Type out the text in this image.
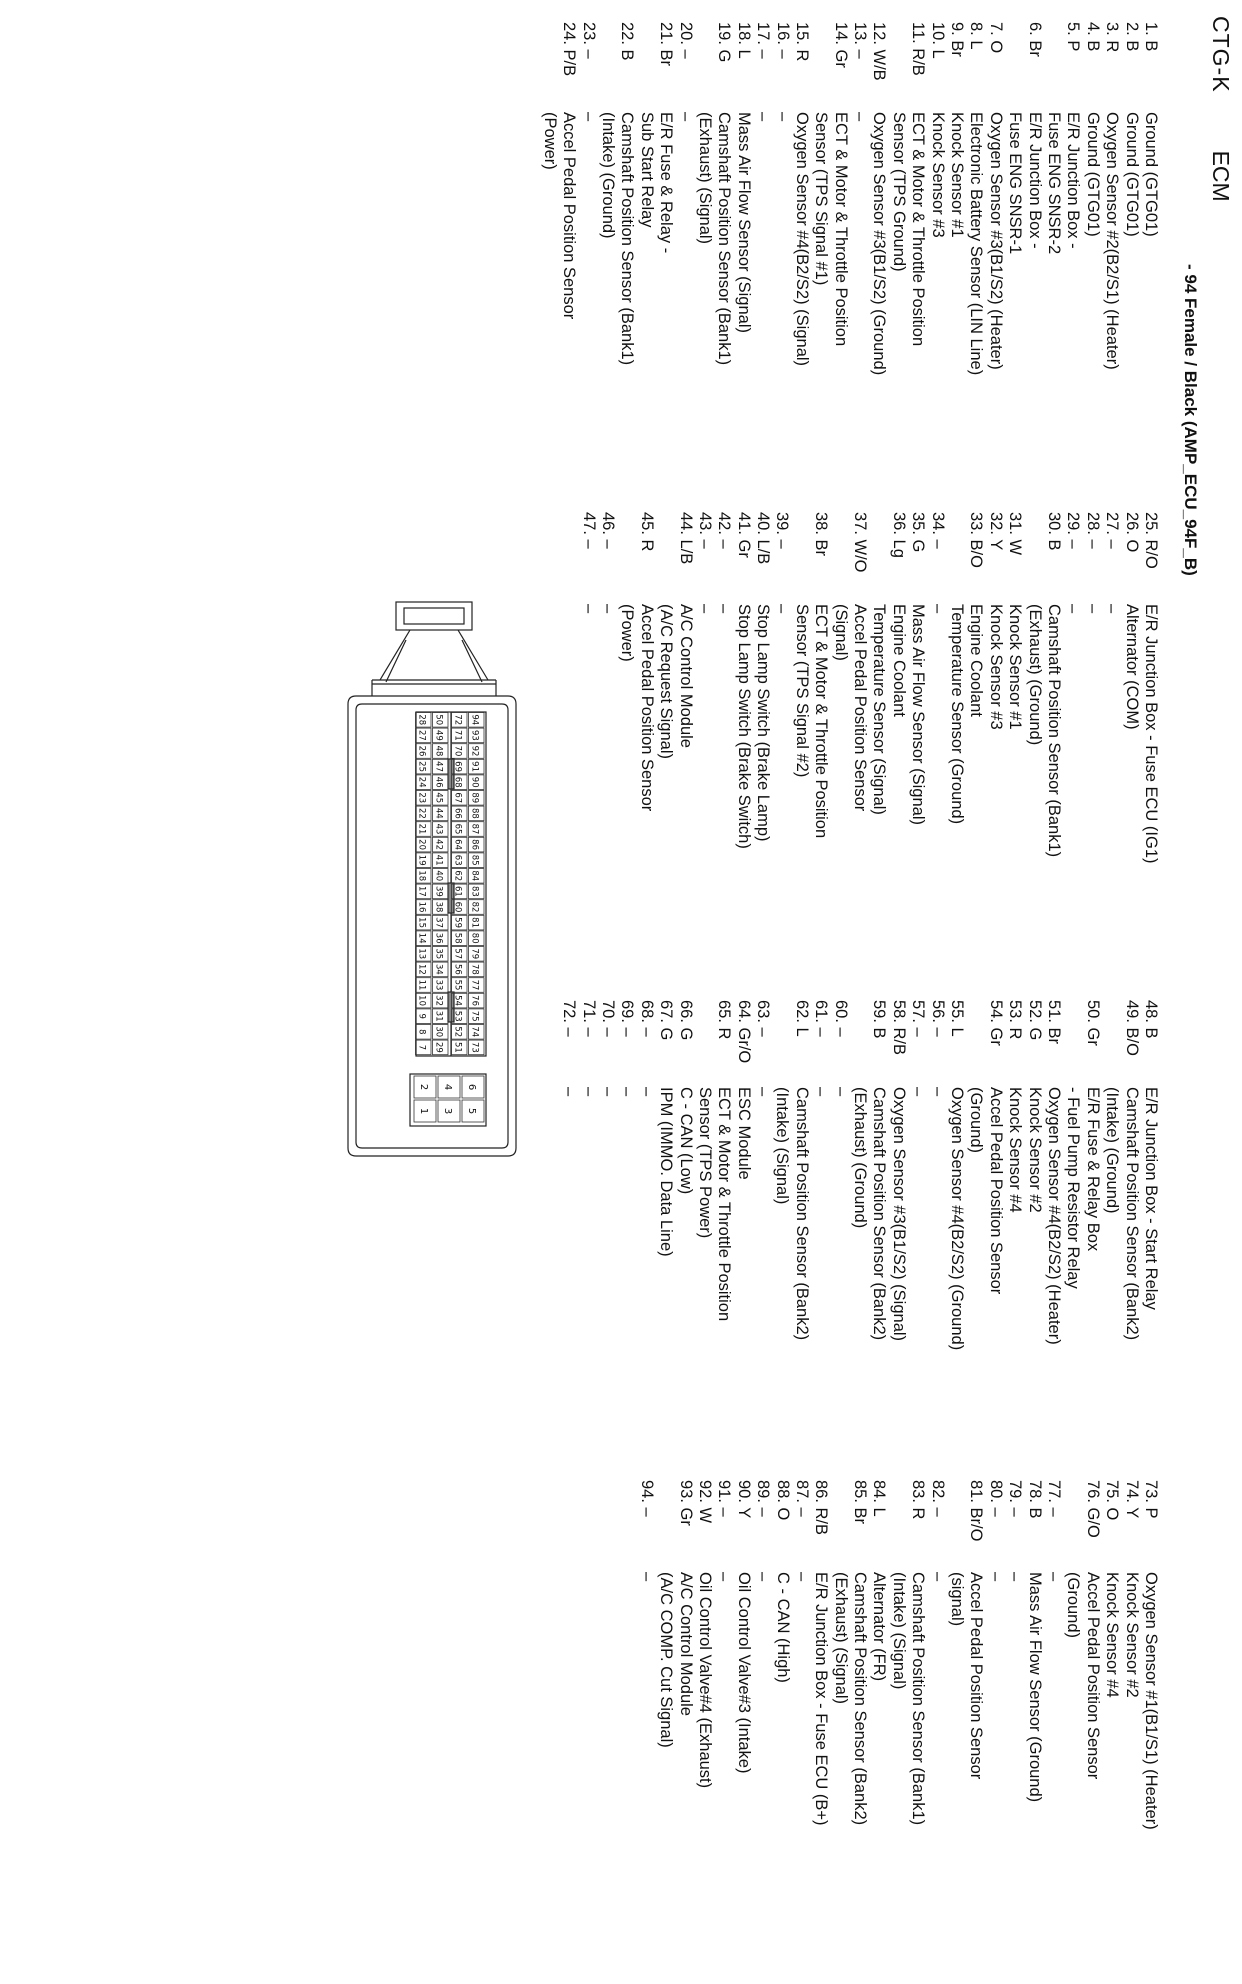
CTG-KECM
- 94 Female / Black (AMP_ECU_94F_B)
1. B
Ground (GTG01)
2. B
Ground (GTG01)
3. R
Oxygen Sensor #2(B2/S1) (Heater)
4. B
Ground (GTG01)
5. P
E/R Junction Box -
Fuse ENG SNSR-2
6. Br
E/R Junction Box -
Fuse ENG SNSR-1
7. O
Oxygen Sensor #3(B1/S2) (Heater)
8. L
Electronic Battery Sensor (LIN Line)
9. Br
Knock Sensor #1
10. L
Knock Sensor #3
11. R/B
ECT & Motor & Throttle Position
Sensor (TPS Ground)
12. W/B
Oxygen Sensor #3(B1/S2) (Ground)
13. –
–
14. Gr
ECT & Motor & Throttle Position
Sensor (TPS Signal #1)
15. R
Oxygen Sensor #4(B2/S2) (Signal)
16. –
–
17. –
–
18. L
Mass Air Flow Sensor (Signal)
19. G
Camshaft Position Sensor (Bank1)
(Exhaust) (Signal)
20. –
–
21. Br
E/R Fuse & Relay -
Sub Start Relay
22. B
Camshaft Position Sensor (Bank1)
(Intake) (Ground)
23. –
–
24. P/B
Accel Pedal Position Sensor
(Power)
25. R/O
E/R Junction Box - Fuse ECU (IG1)
26. O
Alternator (COM)
27. –
–
28. –
–
29. –
–
30. B
Camshaft Position Sensor (Bank1)
(Exhaust) (Ground)
31. W
Knock Sensor #1
32. Y
Knock Sensor #3
33. B/O
Engine Coolant
Temperature Sensor (Ground)
34. –
–
35. G
Mass Air Flow Sensor (Signal)
36. Lg
Engine Coolant
Temperature Sensor (Signal)
37. W/O
Accel Pedal Position Sensor
(Signal)
38. Br
ECT & Motor & Throttle Position
Sensor (TPS Signal #2)
39. –
–
40. L/B
Stop Lamp Switch (Brake Lamp)
41. Gr
Stop Lamp Switch (Brake Switch)
42. –
–
43. –
–
44. L/B
A/C Control Module
(A/C Request Signal)
45. R
Accel Pedal Position Sensor
(Power)
46. –
–
47. –
–
48. B
E/R Junction Box - Start Relay
49. B/O
Camshaft Position Sensor (Bank2)
(Intake) (Ground)
50. Gr
E/R Fuse & Relay Box
- Fuel Pump Resistor Relay
51. Br
Oxygen Sensor #4(B2/S2) (Heater)
52. G
Knock Sensor #2
53. R
Knock Sensor #4
54. Gr
Accel Pedal Position Sensor
(Ground)
55. L
Oxygen Sensor #4(B2/S2) (Ground)
56. –
–
57. –
–
58. R/B
Oxygen Sensor #3(B1/S2) (Signal)
59. B
Camshaft Position Sensor (Bank2)
(Exhaust) (Ground)
60. –
–
61. –
–
62. L
Camshaft Position Sensor (Bank2)
(Intake) (Signal)
63. –
–
64. Gr/O
ESC Module
65. R
ECT & Motor & Throttle Position
Sensor (TPS Power)
66. G
C - CAN (Low)
67. G
IPM (IMMO. Data Line)
68. –
–
69. –
–
70. –
–
71. –
–
72. –
–
73. P
Oxygen Sensor #1(B1/S1) (Heater)
74. Y
Knock Sensor #2
75. O
Knock Sensor #4
76. G/O
Accel Pedal Position Sensor
(Ground)
77. –
–
78. B
Mass Air Flow Sensor (Ground)
79. –
–
80. –
–
81. Br/O
Accel Pedal Position Sensor
(signal)
82. –
–
83. R
Camshaft Position Sensor (Bank1)
(Intake) (Signal)
84. L
Alternator (FR)
85. Br
Camshaft Position Sensor (Bank2)
(Exhaust) (Signal)
86. R/B
E/R Junction Box - Fuse ECU (B+)
87. –
–
88. O
C - CAN (High)
89. –
–
90. Y
Oil Control Valve#3 (Intake)
91. –
–
92. W
Oil Control Valve#4 (Exhaust)
93. Gr
A/C Control Module
(A/C COMP. Cut Signal)
94. –
–
94
93
92
91
90
89
88
87
86
85
84
83
82
81
80
79
78
77
76
75
74
73
72
71
70
69
68
67
66
65
64
63
62
61
60
59
58
57
56
55
54
53
52
51
50
49
48
47
46
45
44
43
42
41
40
39
38
37
36
35
34
33
32
31
30
29
28
27
26
25
24
23
22
21
20
19
18
17
16
15
14
13
12
11
10
9
8
7
6
5
4
3
2
1
